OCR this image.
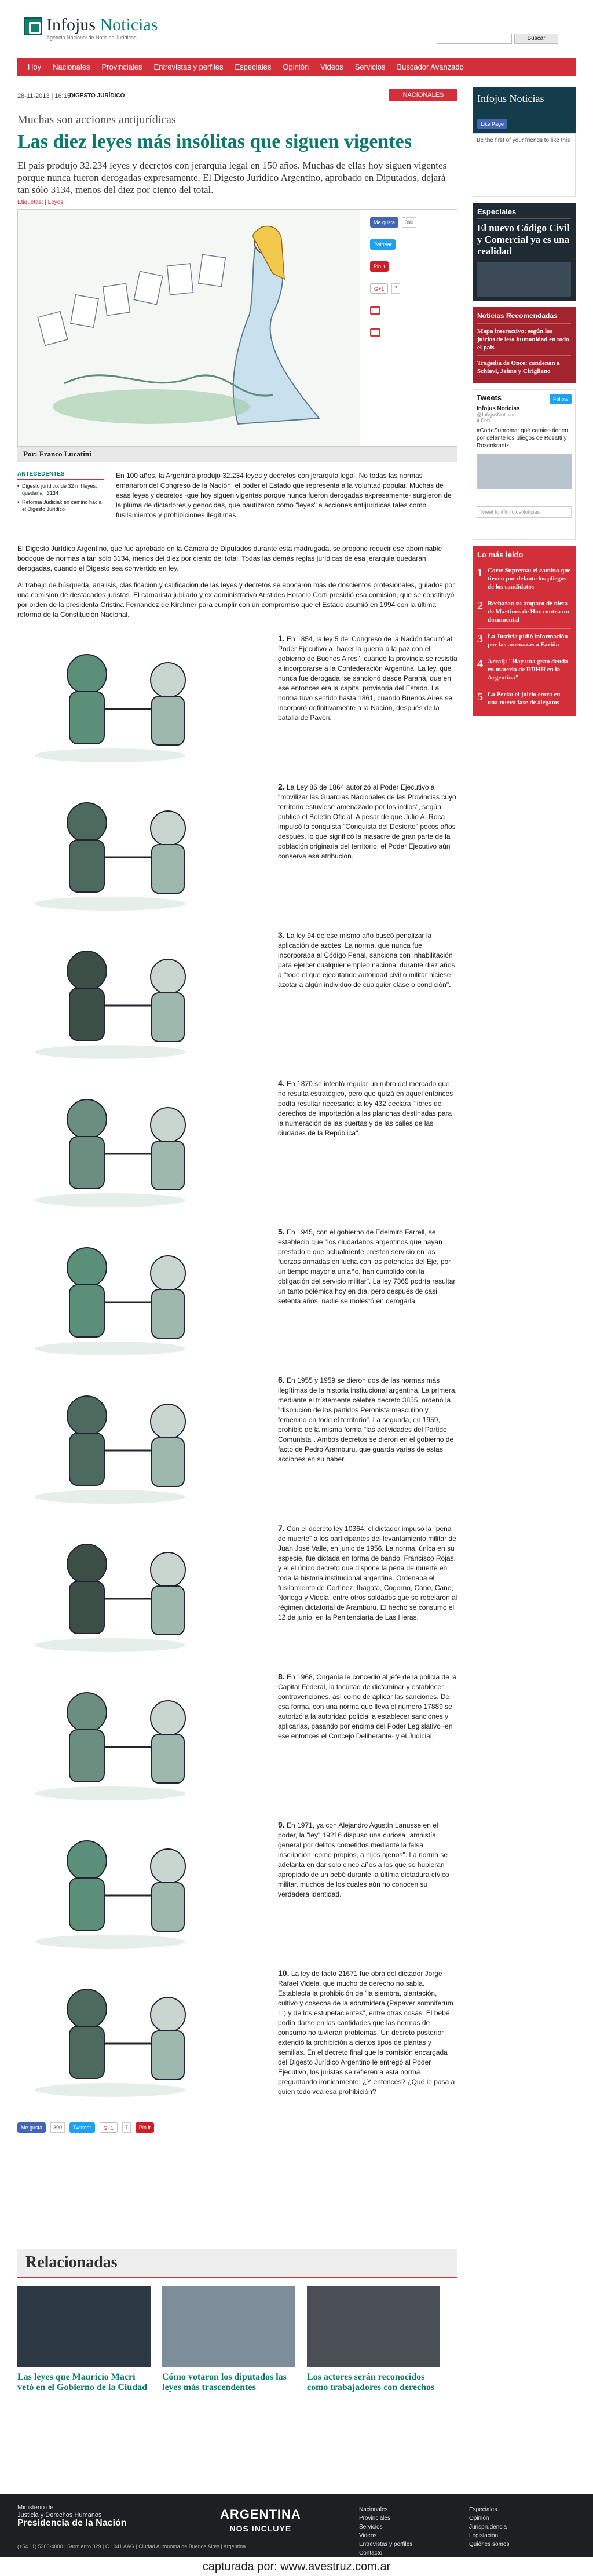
Infojus Noticias
Agencia Nacional de Noticias Jurídicas	Buscar
Hoy	Nacionales	Provinciales	Entrevistas y perfiles	Especiales	Opinión	Videos	Servicios	Buscador Avanzado
28-11-2013 | 16:15
DIGESTO JURÍDICO	NACIONALES
Muchas son acciones antijurídicas
Las diez leyes más insólitas que siguen vigentes

El país produjo 32.234 leyes y decretos con jerarquía legal en 150 años. Muchas de ellas hoy siguen vigentes porque nunca fueron derogadas expresamente. El Digesto Jurídico Argentino, aprobado en Diputados, dejará tan sólo 3134, menos del diez por ciento del total.

Etiquetas: | Leyes
Me gusta	390
Twittear
Pin it
G+1	7
Por: Franco Lucatini
ANTECEDENTES
• Digesto jurídico: de 32 mil leyes, quedarían 3134
• Reforma Judicial: en camino hacia el Digesto Jurídico

En 100 años, la Argentina produjo 32.234 leyes y decretos con jerarquía legal. No todas las normas emanaron del Congreso de la Nación, el poder el Estado que representa a la voluntad popular. Muchas de esas leyes y decretos -que hoy siguen vigentes porque nunca fueron derogadas expresamente- surgieron de la pluma de dictadores y genocidas, que bautizaron como "leyes" a acciones antijurídicas tales como fusilamientos y prohibiciones ilegítimas.

El Digesto Jurídico Argentino, que fue aprobado en la Cámara de Diputados durante esta madrugada, se propone reducir ese abominable bodoque de normas a tan sólo 3134, menos del diez por ciento del total. Todas las demás reglas jurídicas de esa jerarquía quedarán derogadas, cuando el Digesto sea convertido en ley.

Al trabajo de búsqueda, análisis, clasificación y calificación de las leyes y decretos se abocaron más de doscientos profesionales, guiados por una comisión de destacados juristas. El camarista jubilado y ex administrativo Aristides Horacio Corti presidió esa comisión, que se constituyó por orden de la presidenta Cristina Fernández de Kirchner para cumplir con un compromiso que el Estado asumió en 1994 con la última reforma de la Constitución Nacional.

1. En 1854, la ley 5 del Congreso de la Nación facultó al Poder Ejecutivo a "hacer la guerra a la paz con el gobierno de Buenos Aires", cuando la provincia se resistía a incorporarse a la Confederación Argentina. La ley, que nunca fue derogada, se sancionó desde Paraná, que en ese entonces era la capital provisoria del Estado. La norma tuvo sentido hasta 1861, cuando Buenos Aires se incorporó definitivamente a la Nación, después de la batalla de Pavón.
2. La Ley 86 de 1864 autorizó al Poder Ejecutivo a "movilizar las Guardias Nacionales de las Provincias cuyo territorio estuviese amenazado por los indios", según publicó el Boletín Oficial. A pesar de que Julio A. Roca impulsó la conquista "Conquista del Desierto" pocos años después, lo que significó la masacre de gran parte de la población originaria del territorio, el Poder Ejecutivo aún conserva esa atribución.
3. La ley 94 de ese mismo año buscó penalizar la aplicación de azotes. La norma, que nunca fue incorporada al Código Penal, sanciona con inhabilitación para ejercer cualquier empleo nacional durante diez años a "todo el que ejecutando autoridad civil o militar hiciese azotar a algún individuo de cualquier clase o condición".
4. En 1870 se intentó regular un rubro del mercado que no resulta estratégico, pero que quizá en aquel entonces podía resultar necesario: la ley 432 declara "libres de derechos de importación a las planchas destinadas para la numeración de las puertas y de las calles de las ciudades de la República".
5. En 1945, con el gobierno de Edelmiro Farrell, se estableció que "los ciudadanos argentinos que hayan prestado o que actualmente presten servicio en las fuerzas armadas en lucha con las potencias del Eje, por un tiempo mayor a un año, han cumplido con la obligación del servicio militar". La ley 7365 podría resultar un tanto polémica hoy en día, pero después de casi setenta años, nadie se molestó en derogarla.
6. En 1955 y 1959 se dieron dos de las normas más ilegítimas de la historia institucional argentina. La primera, mediante el trístemente célebre decreto 3855, ordenó la "disolución de los partidos Peronista masculino y femenino en todo el territorio". La segunda, en 1959, prohibió de la misma forma "las actividades del Partido Comunista". Ambos decretos se dieron en el gobierno de facto de Pedro Aramburu, que guarda varias de estas acciones en su haber.
7. Con el decreto ley 10364, el dictador impuso la "pena de muerte" a los participantes del levantamiento militar de Juan José Valle, en junio de 1956. La norma, única en su especie, fue dictada en forma de bando. Francisco Rojas, y el el único decreto que dispone la pena de muerte en toda la historia institucional argentina. Ordenaba el fusilamiento de Cortínez, Ibagata, Cogorno, Cano, Cano, Noriega y Videla, entre otros soldados que se rebelaron al régimen dictatorial de Aramburu. El hecho se consumó el 12 de junio, en la Penitenciaría de Las Heras.
8. En 1968, Onganía le concedió al jefe de la policía de la Capital Federal, la facultad de dictaminar y establecer contravenciones, así como de aplicar las sanciones. De esa forma, con una norma que lleva el número 17889 se autorizó a la autoridad policial a establecer sanciones y aplicarlas, pasando por encima del Poder Legislativo -en ese entonces el Concejo Deliberante- y el Judicial.
9. En 1971, ya con Alejandro Agustín Lanusse en el poder, la "ley" 19216 dispuso una curiosa "amnistía general por delitos cometidos mediante la falsa inscripción, como propios, a hijos ajenos". La norma se adelanta en dar solo cinco años a los que se hubieran apropiado de un bebé durante la última dictadura cívico militar, muchos de los cuales aún no conocen su verdadera identidad.
10. La ley de facto 21671 fue obra del dictador Jorge Rafael Videla, que mucho de derecho no sabía. Establecía la prohibición de "la siembra, plantación, cultivo y cosecha de la adormidera (Papaver somniferum L.) y de los estupefacientes", entre otras cosas. El bebé podía darse en las cantidades que las normas de consumo no tuvieran problemas. Un decreto posterior extendió la prohibición a ciertos tipos de plantas y semillas. En el decreto final que la comisión encargada del Digesto Jurídico Argentino le entregó al Poder Ejecutivo, los juristas se refieren a esta norma preguntando irónicamente: ¿Y entonces? ¿Qué le pasa a quien todo vea esa prohibición?
Me gusta	390	Twittear	G+1	7	Pin it
Infojus Noticias
Like Page
Be the first of your friends to like this
Especiales
El nuevo Código Civil y Comercial ya es una realidad
Noticias Recomendadas
Mapa interactivo: según los juicios de lesa humanidad en todo el país
Tragedia de Once: condenan a Schiavi, Jaime y Cirigliano
Tweets	Follow
Infojus Noticias
@InfojusNoticias
4 Feb
#CorteSuprema: qué camino tienen por delante los pliegos de Rosatti y Rosenkrantz
Tweet to @InfojusNoticias
Lo más leído
1 Corte Suprema: el camino que tienen por delante los pliegos de los candidatos
2 Rechazan su amparo de nieta de Martínez de Hoz contra un documental
3 La Justicia pidió información por las amenazas a Fariña
4 Arraij: "Hay una gran deuda en materia de DDHH en la Argentina"
5 La Perla: el juicio entra en una nueva fase de alegatos
Relacionadas
Las leyes que Mauricio Macri vetó en el Gobierno de la Ciudad
Cómo votaron los diputados las leyes más trascendentes
Los actores serán reconocidos como trabajadores con derechos
Ministerio de
Justicia y Derechos Humanos
Presidencia de la Nación
(+54 11) 5300-4000 | Sarmiento 329 | C 1041 AAG | Ciudad Autónoma de Buenos Aires | Argentina
ARGENTINA
NOS INCLUYE
Nacionales
Provinciales
Servicios
Videos
Entrevistas y perfiles
Contacto
Especiales
Opinión
Jurisprudencia
Legislación
Quiénes somos
capturada por: www.avestruz.com.ar
